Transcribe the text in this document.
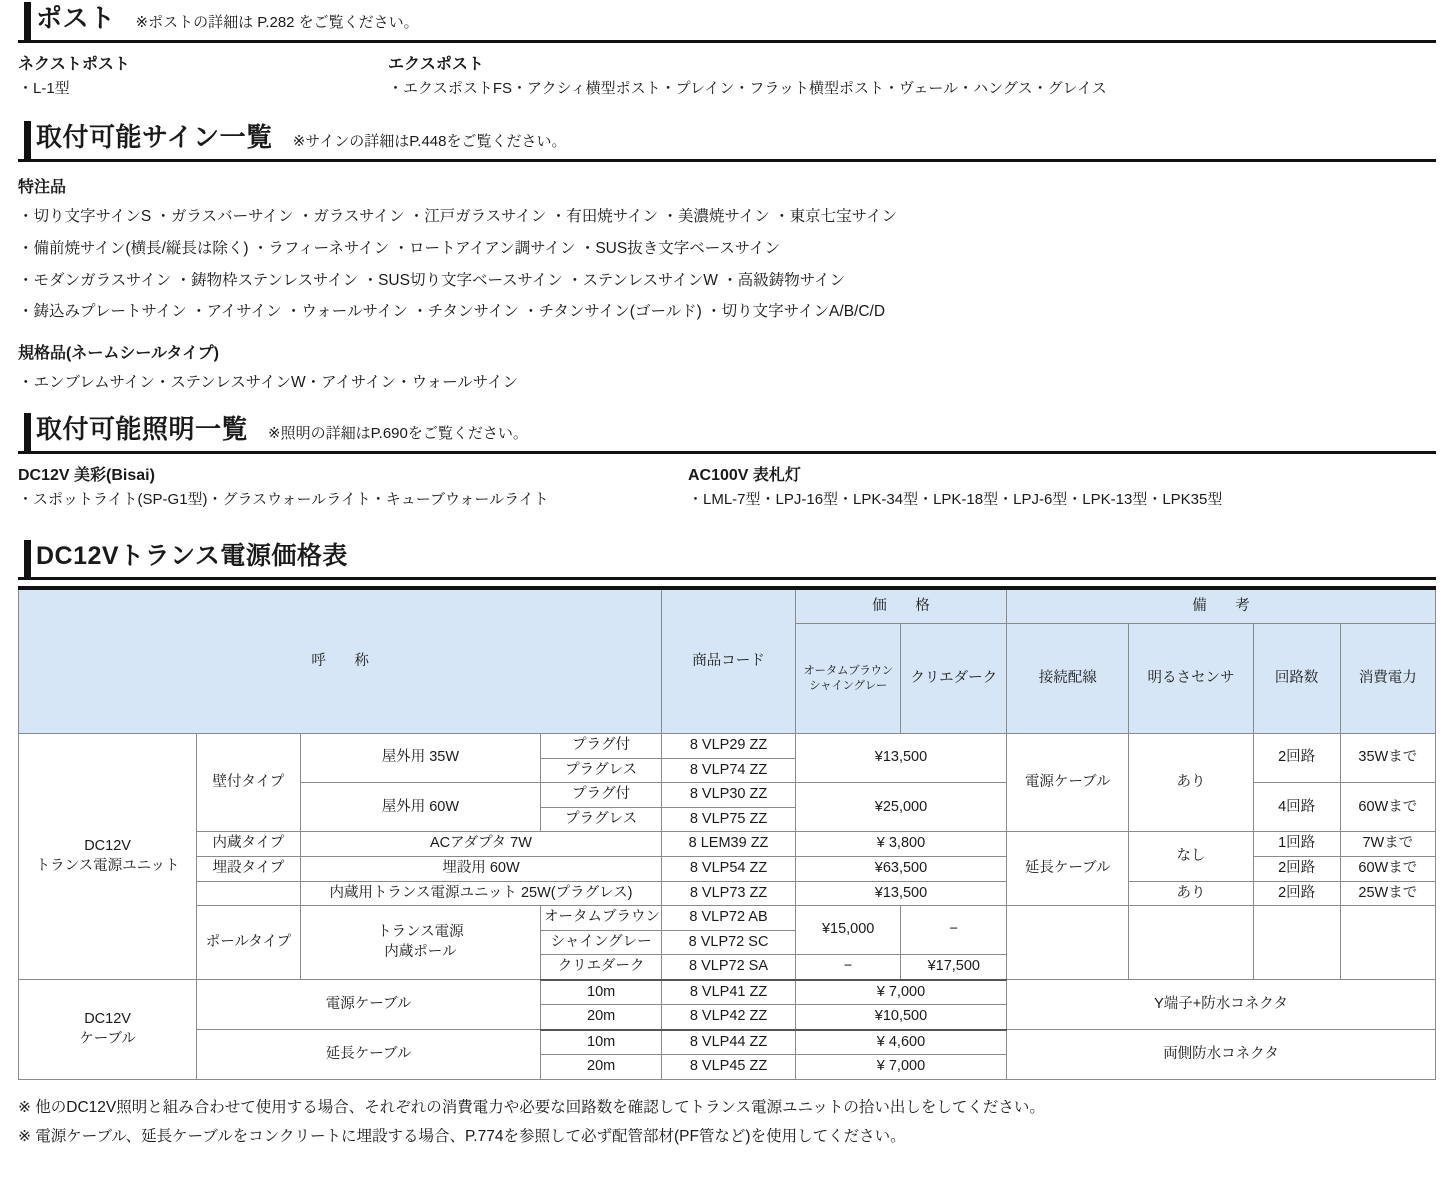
ポスト ※ポストの詳細は P.282 をご覧ください。
ネクストポスト
・L-1型
エクスポスト
・エクスポストFS・アクシィ横型ポスト・プレイン・フラット横型ポスト・ヴェール・ハングス・グレイス
取付可能サイン一覧 ※サインの詳細はP.448をご覧ください。
特注品
・切り文字サインS ・ガラスバーサイン ・ガラスサイン ・江戸ガラスサイン ・有田焼サイン ・美濃焼サイン ・東京七宝サイン
・備前焼サイン(横長/縦長は除く) ・ラフィーネサイン ・ロートアイアン調サイン ・SUS抜き文字ベースサイン
・モダンガラスサイン ・鋳物枠ステンレスサイン ・SUS切り文字ベースサイン ・ステンレスサインW ・高級鋳物サイン
・鋳込みプレートサイン ・アイサイン ・ウォールサイン ・チタンサイン ・チタンサイン(ゴールド) ・切り文字サインA/B/C/D
規格品(ネームシールタイプ)
・エンブレムサイン・ステンレスサインW・アイサイン・ウォールサイン
取付可能照明一覧 ※照明の詳細はP.690をご覧ください。
DC12V 美彩(Bisai)
・スポットライト(SP-G1型)・グラスウォールライト・キューブウォールライト
AC100V 表札灯
・LML-7型・LPJ-16型・LPK-34型・LPK-18型・LPJ-6型・LPK-13型・LPK35型
DC12Vトランス電源価格表
呼　称				商品コード	価　格		備　考			

					オータムブラウン
シャイングレー	クリエダーク	接続配線	明るさセンサ	回路数	消費電力

DC12V
トランス電源ユニット	壁付タイプ	屋外用 35W	プラグ付	8 VLP29 ZZ	¥13,500		電源ケーブル	あり	2回路	35Wまで
			プラグレス	8 VLP74 ZZ						
		屋外用 60W	プラグ付	8 VLP30 ZZ	¥25,000				4回路	60Wまで
			プラグレス	8 VLP75 ZZ						
	内蔵タイプ	ACアダプタ 7W		8 LEM39 ZZ	¥ 3,800		延長ケーブル	なし	1回路	7Wまで
	埋設タイプ	埋設用 60W		8 VLP54 ZZ	¥63,500				2回路	60Wまで
		内蔵用トランス電源ユニット 25W(プラグレス)		8 VLP73 ZZ	¥13,500			あり	2回路	25Wまで
	ポールタイプ	トランス電源
内蔵ポール	オータムブラウン	8 VLP72 AB	¥15,000	−				
			シャイングレー	8 VLP72 SC						
			クリエダーク	8 VLP72 SA	−	¥17,500				

DC12V
ケーブル	電源ケーブル		10m	8 VLP41 ZZ	¥ 7,000		Y端子+防水コネクタ			
			20m	8 VLP42 ZZ	¥10,500					
	延長ケーブル		10m	8 VLP44 ZZ	¥ 4,600		両側防水コネクタ			
			20m	8 VLP45 ZZ	¥ 7,000					
※ 他のDC12V照明と組み合わせて使用する場合、それぞれの消費電力や必要な回路数を確認してトランス電源ユニットの拾い出しをしてください。
※ 電源ケーブル、延長ケーブルをコンクリートに埋設する場合、P.774を参照して必ず配管部材(PF管など)を使用してください。
